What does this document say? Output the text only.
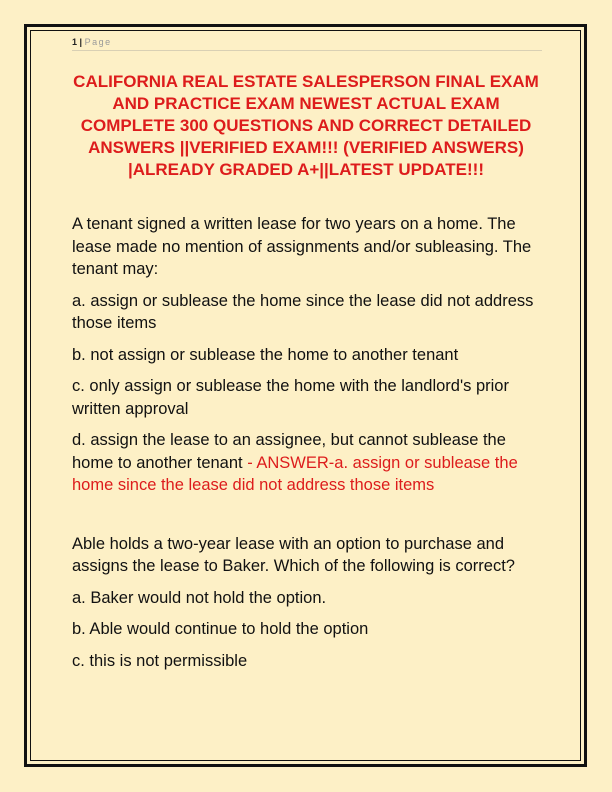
1 | Page
CALIFORNIA REAL ESTATE SALESPERSON FINAL EXAM AND PRACTICE EXAM NEWEST ACTUAL EXAM COMPLETE 300 QUESTIONS AND CORRECT DETAILED ANSWERS ||VERIFIED EXAM!!! (VERIFIED ANSWERS) |ALREADY GRADED A+||LATEST UPDATE!!!

A tenant signed a written lease for two years on a home. The lease made no mention of assignments and/or subleasing. The tenant may:

a. assign or sublease the home since the lease did not address those items

b. not assign or sublease the home to another tenant

c. only assign or sublease the home with the landlord's prior written approval

d. assign the lease to an assignee, but cannot sublease the home to another tenant - ANSWER-a. assign or sublease the home since the lease did not address those items

Able holds a two-year lease with an option to purchase and assigns the lease to Baker. Which of the following is correct?

a. Baker would not hold the option.

b. Able would continue to hold the option

c. this is not permissible
